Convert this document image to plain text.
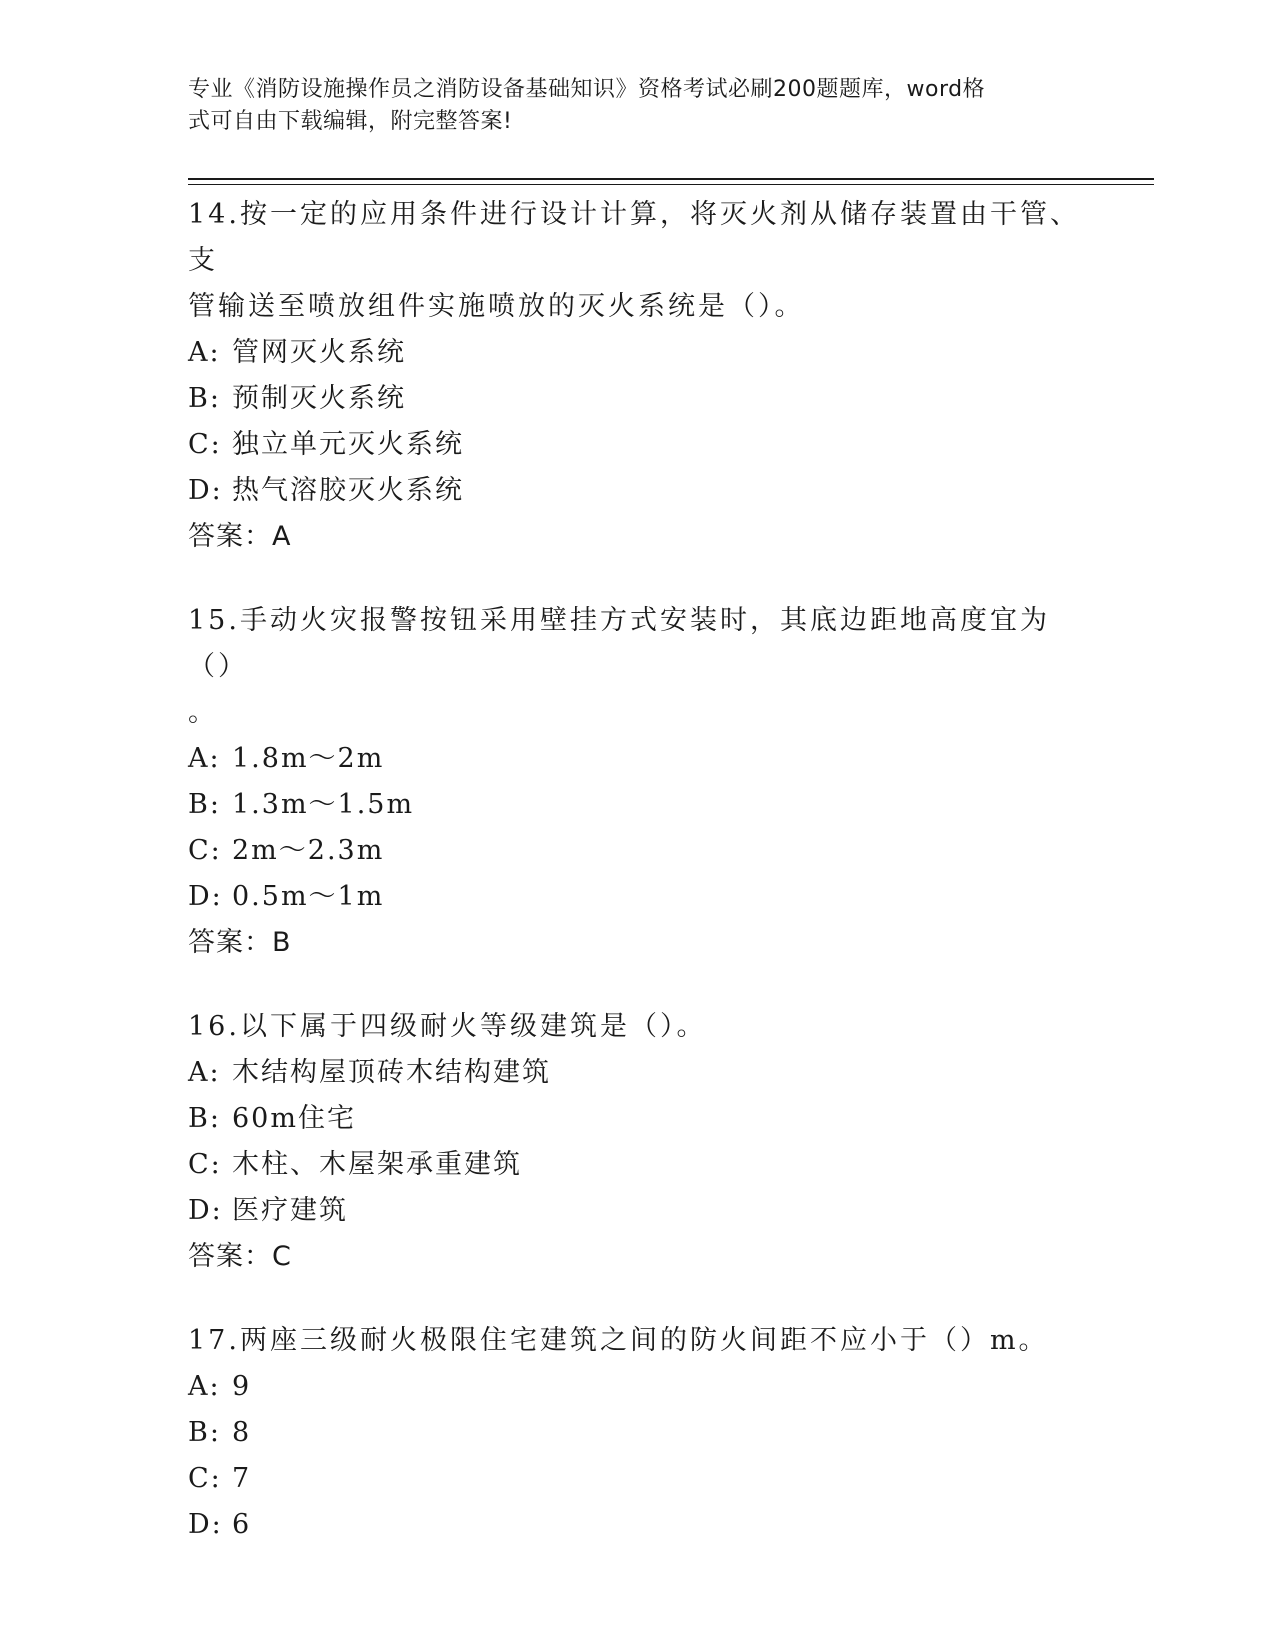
专业《消防设施操作员之消防设备基础知识》资格考试必刷200题题库，word格
式可自由下载编辑，附完整答案!

14.按一定的应用条件进行设计计算，将灭火剂从储存装置由干管、支

管输送至喷放组件实施喷放的灭火系统是（）。

A: 管网灭火系统

B: 预制灭火系统

C: 独立单元灭火系统

D: 热气溶胶灭火系统

答案：A

15.手动火灾报警按钮采用壁挂方式安装时，其底边距地高度宜为（）

。

A: 1.8m～2m

B: 1.3m～1.5m

C: 2m～2.3m

D: 0.5m～1m

答案：B

16.以下属于四级耐火等级建筑是（）。

A: 木结构屋顶砖木结构建筑

B: 60m住宅

C: 木柱、木屋架承重建筑

D: 医疗建筑

答案：C

17.两座三级耐火极限住宅建筑之间的防火间距不应小于（）m。

A: 9

B: 8

C: 7

D: 6
